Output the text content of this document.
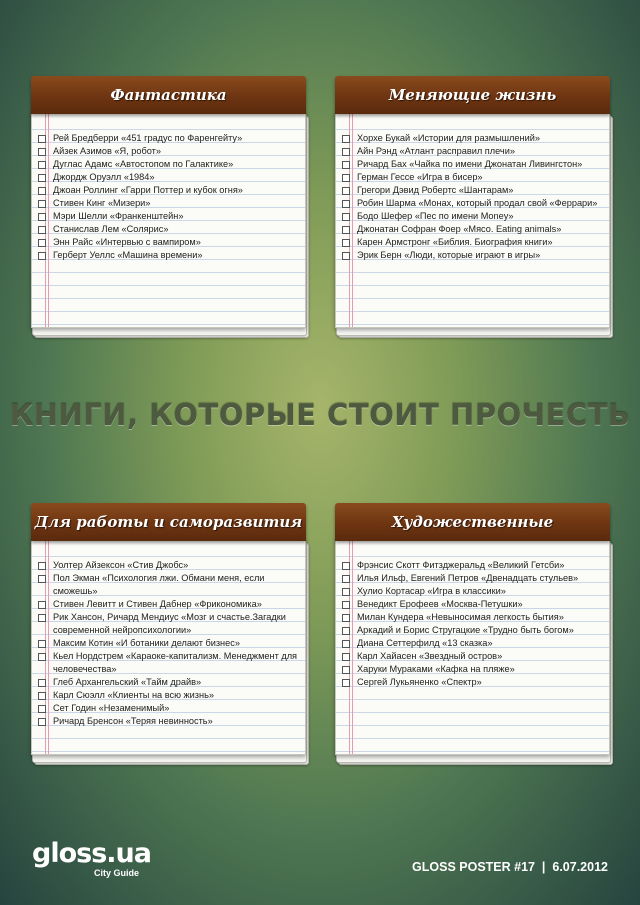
Фантастика
Рей Бредберри «451 градус по Фаренгейту»
Айзек Азимов «Я, робот»
Дуглас Адамс «Автостопом по Галактике»
Джордж Оруэлл «1984»
Джоан Роллинг «Гарри Поттер и кубок огня»
Стивен Кинг «Мизери»
Мэри Шелли «Франкенштейн»
Станислав Лем «Солярис»
Энн Райс «Интервью с вампиром»
Герберт Уеллс «Машина времени»
Меняющие жизнь
Хорхе Букай «Истории для размышлений»
Айн Рэнд «Атлант расправил плечи»
Ричард Бах «Чайка по имени Джонатан Ливингстон»
Герман Гессе «Игра в бисер»
Грегори Дэвид Робертс «Шантарам»
Робин Шарма «Монах, который продал свой «Феррари»
Бодо Шефер «Пес по имени Money»
Джонатан Софран Фоер «Мясо. Eating animals»
Карен Армстронг «Библия. Биография книги»
Эрик Берн «Люди, которые играют в игры»
КНИГИ, КОТОРЫЕ СТОИТ ПРОЧЕСТЬ
Для работы и саморазвития
Уолтер Айзексон «Стив Джобс»
Пол Экман «Психология лжи. Обмани меня, если сможешь»
Стивен Левитт и Стивен Дабнер «Фрикономика»
Рик Хансон, Ричард Мендиус «Мозг и счастье.Загадки современной нейропсихологии»
Максим Котин «И ботаники делают бизнес»
Кьел Нордстрем «Караоке-капитализм. Менеджмент для человечества»
Глеб Архангельский «Тайм драйв»
Карл Сюэлл «Клиенты на всю жизнь»
Сет Годин «Незаменимый»
Ричард Бренсон «Теряя невинность»
Художественные
Фрэнсис Скотт Фитзджеральд «Великий Гетсби»
Илья Ильф, Евгений Петров «Двенадцать стульев»
Хулио Кортасар «Игра в классики»
Венедикт Ерофеев «Москва-Петушки»
Милан Кундера «Невыносимая легкость бытия»
Аркадий и Борис Стругацкие «Трудно быть богом»
Диана Сеттерфилд «13 сказка»
Карл Хайасен «Звездный остров»
Харуки Мураками «Кафка на пляже»
Сергей Лукьяненко «Спектр»
gloss.ua
City Guide	GLOSS POSTER #17  |  6.07.2012
